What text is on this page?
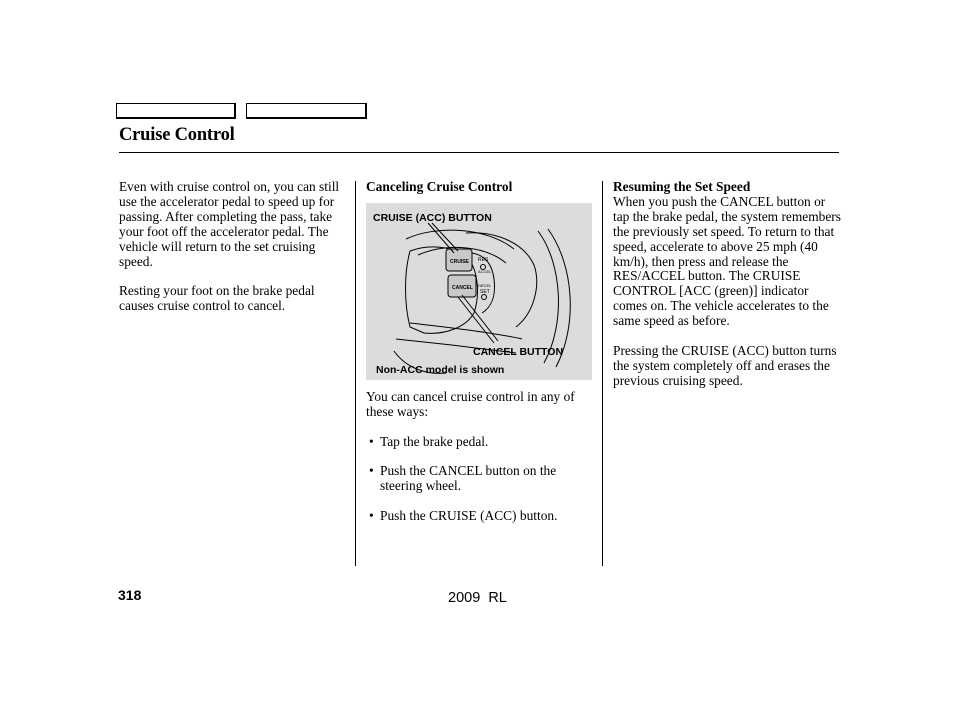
Cruise Control

Even with cruise control on, you can still use the accelerator pedal to speed up for passing. After completing the pass, take your foot off the accelerator pedal. The vehicle will return to the set cruising speed.

Resting your foot on the brake pedal causes cruise control to cancel.

Canceling Cruise Control
CRUISE
CANCEL
RES
ACCEL
DECEL
SET
CRUISE (ACC) BUTTON
CANCEL BUTTON
Non-ACC model is shown

You can cancel cruise control in any of these ways:

• Tap the brake pedal.
• Push the CANCEL button on the steering wheel.
• Push the CRUISE (ACC) button.
Resuming the Set Speed

When you push the CANCEL button or tap the brake pedal, the system remembers the previously set speed. To return to that speed, accelerate to above 25 mph (40 km/h), then press and release the RES/ACCEL button. The CRUISE CONTROL [ACC (green)] indicator comes on. The vehicle accelerates to the same speed as before.

Pressing the CRUISE (ACC) button turns the system completely off and erases the previous cruising speed.

318	2009  RL
